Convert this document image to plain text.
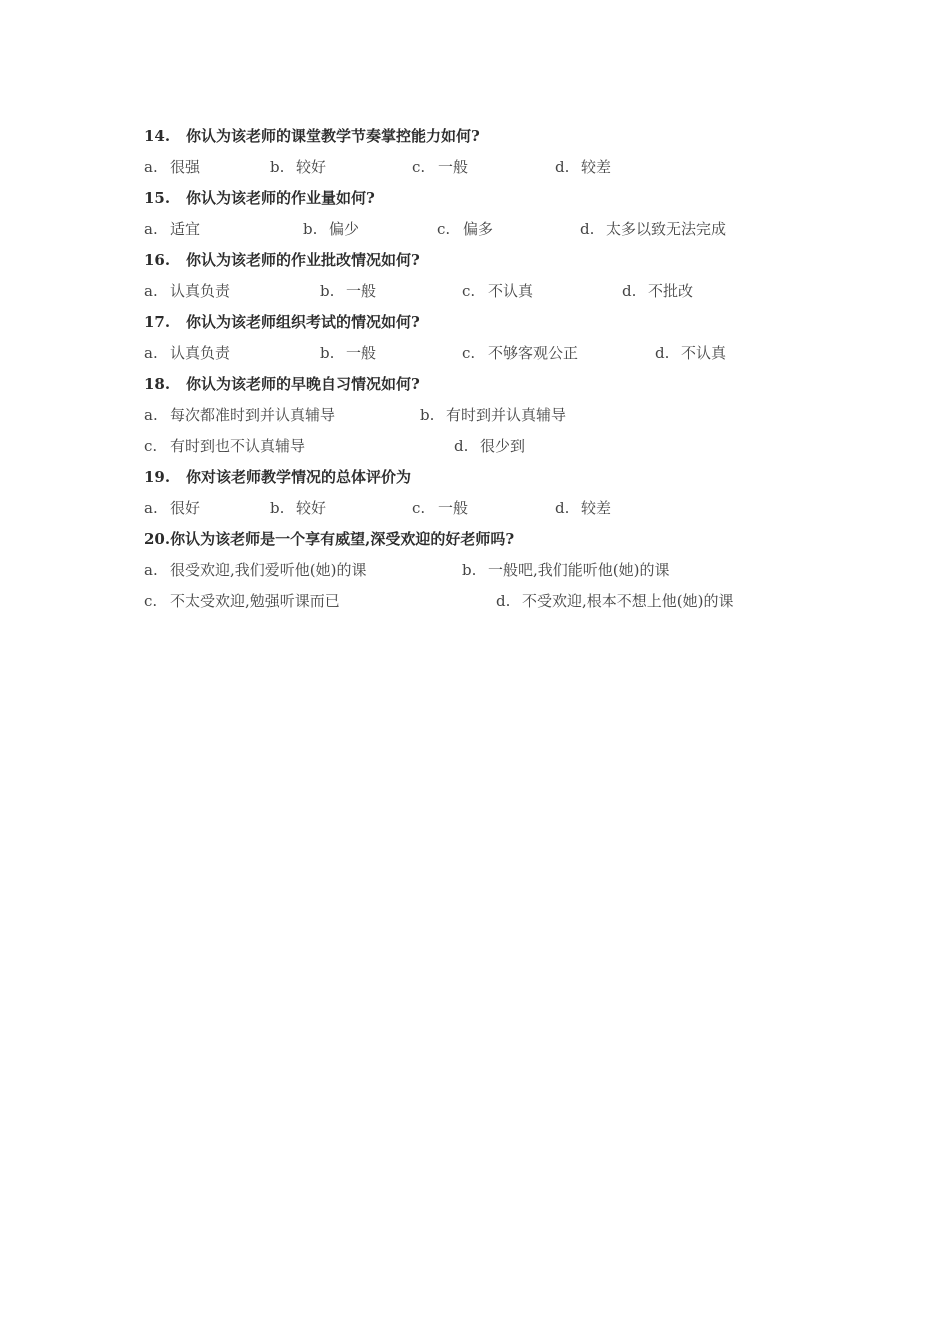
14. 你认为该老师的课堂教学节奏掌控能力如何?
a. 很强	b. 较好	c. 一般	d. 较差
15. 你认为该老师的作业量如何?
a. 适宜	b. 偏少	c. 偏多	d. 太多以致无法完成
16. 你认为该老师的作业批改情况如何?
a. 认真负责	b. 一般	c. 不认真	d. 不批改
17. 你认为该老师组织考试的情况如何?
a. 认真负责	b. 一般	c. 不够客观公正	d. 不认真
18. 你认为该老师的早晚自习情况如何?
a. 每次都准时到并认真辅导	b. 有时到并认真辅导
c. 有时到也不认真辅导	d. 很少到
19. 你对该老师教学情况的总体评价为
a. 很好	b. 较好	c. 一般	d. 较差
20.你认为该老师是一个享有威望,深受欢迎的好老师吗?
a. 很受欢迎,我们爱听他(她)的课	b. 一般吧,我们能听他(她)的课
c. 不太受欢迎,勉强听课而已	d. 不受欢迎,根本不想上他(她)的课
